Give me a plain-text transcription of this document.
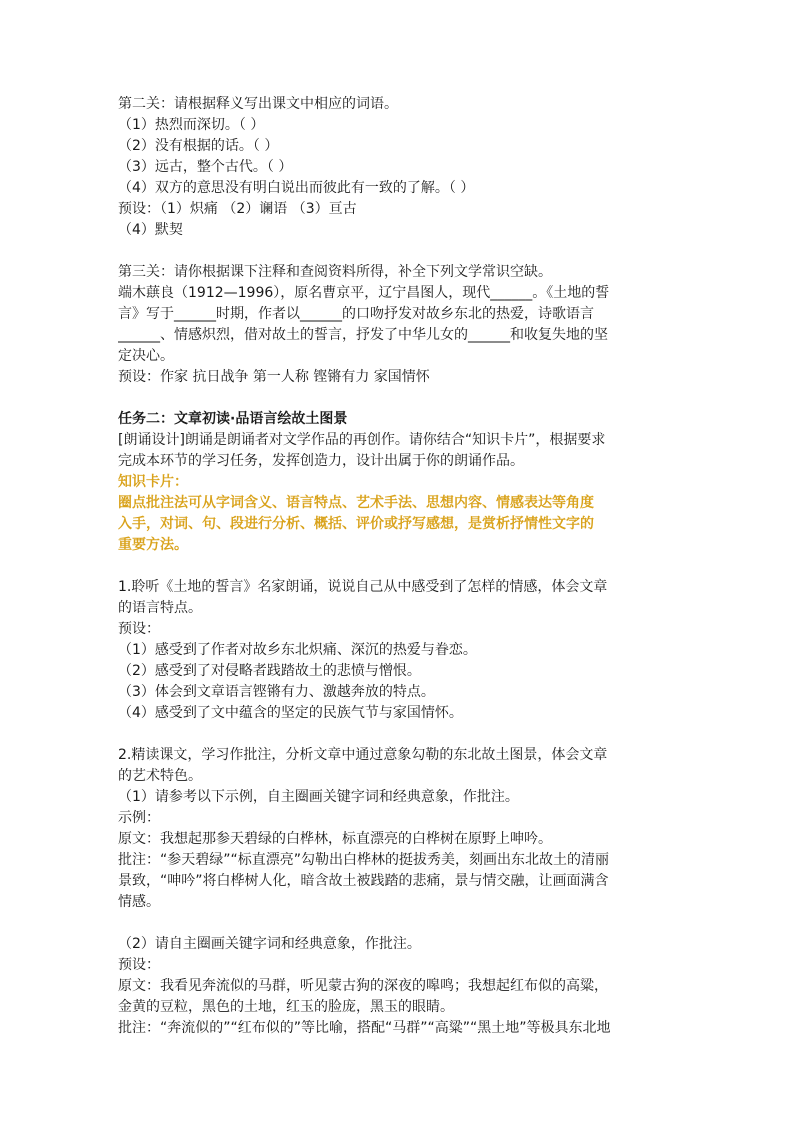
第二关：请根据释义写出课文中相应的词语。
（1）热烈而深切。（ ）
（2）没有根据的话。（ ）
（3）远古，整个古代。（ ）
（4）双方的意思没有明白说出而彼此有一致的了解。（ ）
预设：（1）炽痛 （2）谰语 （3）亘古
（4）默契
第三关：请你根据课下注释和查阅资料所得，补全下列文学常识空缺。
端木蕻良（1912—1996），原名曹京平，辽宁昌图人，现代______。《土地的誓
言》写于______时期，作者以______的口吻抒发对故乡东北的热爱，诗歌语言
______、情感炽烈，借对故土的誓言，抒发了中华儿女的______和收复失地的坚
定决心。
预设：作家 抗日战争 第一人称 铿锵有力 家国情怀
任务二：文章初读·品语言绘故土图景
[朗诵设计]朗诵是朗诵者对文学作品的再创作。请你结合“知识卡片”，根据要求
完成本环节的学习任务，发挥创造力，设计出属于你的朗诵作品。
知识卡片：
圈点批注法可从字词含义、语言特点、艺术手法、思想内容、情感表达等角度
入手，对词、句、段进行分析、概括、评价或抒写感想，是赏析抒情性文字的
重要方法。
1.聆听《土地的誓言》名家朗诵，说说自己从中感受到了怎样的情感，体会文章
的语言特点。
预设：
（1）感受到了作者对故乡东北炽痛、深沉的热爱与眷恋。
（2）感受到了对侵略者践踏故土的悲愤与憎恨。
（3）体会到文章语言铿锵有力、激越奔放的特点。
（4）感受到了文中蕴含的坚定的民族气节与家国情怀。
2.精读课文，学习作批注，分析文章中通过意象勾勒的东北故土图景，体会文章
的艺术特色。
（1）请参考以下示例，自主圈画关键字词和经典意象，作批注。
示例：
原文：我想起那参天碧绿的白桦林，标直漂亮的白桦树在原野上呻吟。
批注：“参天碧绿”“标直漂亮”勾勒出白桦林的挺拔秀美，刻画出东北故土的清丽
景致，“呻吟”将白桦树人化，暗含故土被践踏的悲痛，景与情交融，让画面满含
情感。
（2）请自主圈画关键字词和经典意象，作批注。
预设：
原文：我看见奔流似的马群，听见蒙古狗的深夜的嗥鸣；我想起红布似的高粱，
金黄的豆粒，黑色的土地，红玉的脸庞，黑玉的眼睛。
批注：“奔流似的”“红布似的”等比喻，搭配“马群”“高粱”“黑土地”等极具东北地
